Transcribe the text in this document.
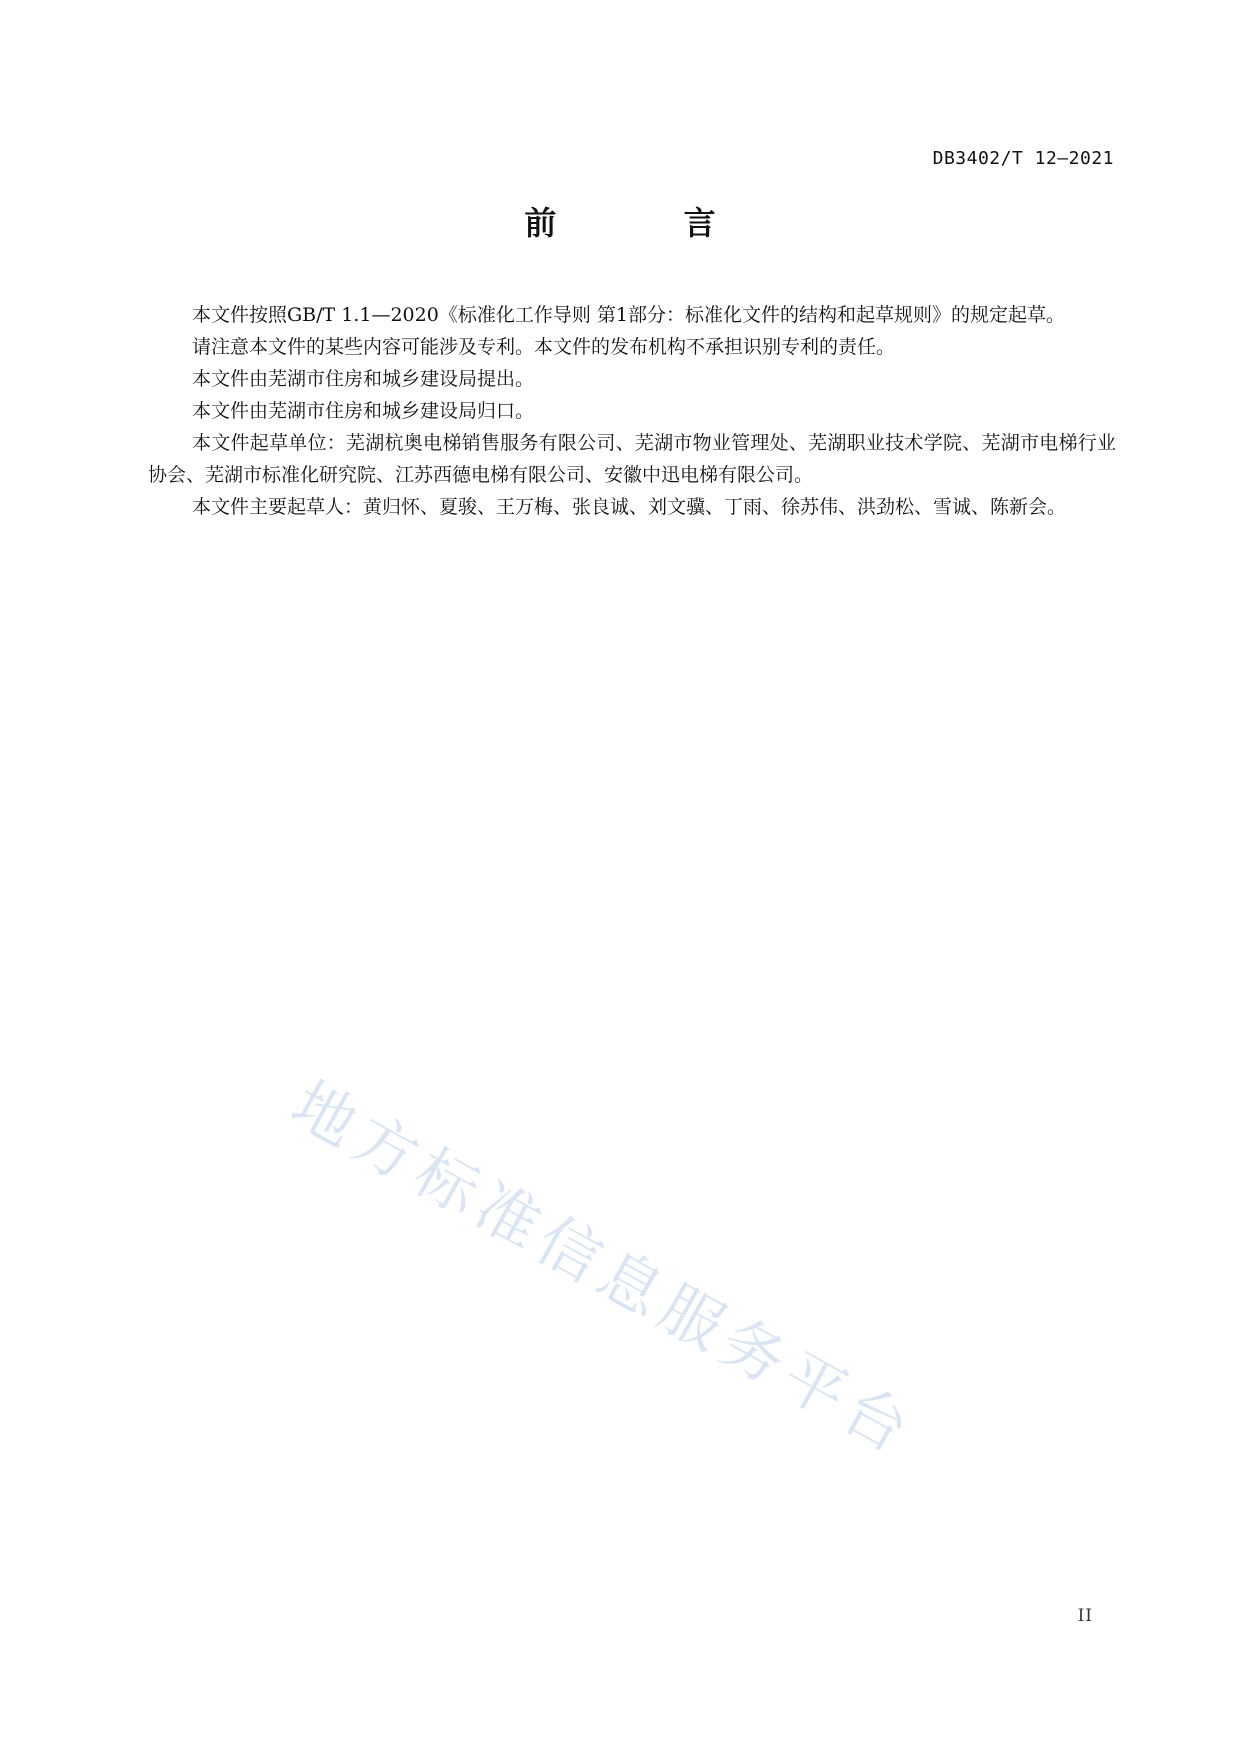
DB3402/T 12—2021
前 言

本文件按照GB/T 1.1—2020《标准化工作导则 第1部分：标准化文件的结构和起草规则》的规定起草。

请注意本文件的某些内容可能涉及专利。本文件的发布机构不承担识别专利的责任。

本文件由芜湖市住房和城乡建设局提出。

本文件由芜湖市住房和城乡建设局归口。

本文件起草单位：芜湖杭奥电梯销售服务有限公司、芜湖市物业管理处、芜湖职业技术学院、芜湖市电梯行业协会、芜湖市标准化研究院、江苏西德电梯有限公司、安徽中迅电梯有限公司。

本文件主要起草人：黄归怀、夏骏、王万梅、张良诚、刘文骥、丁雨、徐苏伟、洪劲松、雪诚、陈新会。

地方标准信息服务平台
II
